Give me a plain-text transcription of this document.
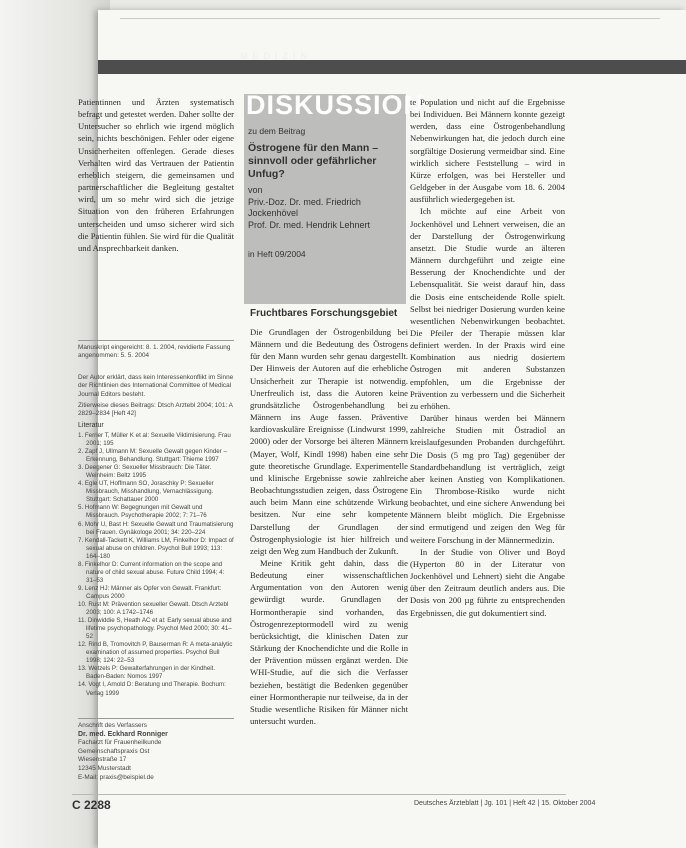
MEDIZIN

Patientinnen und Ärzten systematisch befragt und getestet werden. Daher sollte der Untersucher so ehrlich wie irgend möglich sein, nichts beschönigen. Fehler oder eigene Unsicherheiten offenlegen. Gerade dieses Verhalten wird das Vertrauen der Patientin erheblich steigern, die gemeinsamen und partnerschaftlicher die Begleitung gestaltet wird, um so mehr wird sich die jetzige Situation von den früheren Erfahrungen unterscheiden und umso sicherer wird sich die Patientin fühlen. Sie wird für die Qualität und Ansprechbarkeit danken.

Manuskript eingereicht: 8. 1. 2004, revidierte Fassung angenommen: 5. 5. 2004
Der Autor erklärt, dass kein Interessenkonflikt im Sinne der Richtlinien des International Committee of Medical Journal Editors besteht.
Zitierweise dieses Beitrags: Dtsch Arztebl 2004; 101: A 2829–2834 [Heft 42]
Literatur
1. Ferrier T, Müller K et al: Sexuelle Viktimisierung. Frau 2001; 195
2. Zapf J, Ullmann M: Sexuelle Gewalt gegen Kinder – Erkennung, Behandlung. Stuttgart: Thieme 1997
3. Deegener G: Sexueller Missbrauch: Die Täter. Weinheim: Beltz 1995
4. Egle UT, Hoffmann SO, Joraschky P: Sexueller Missbrauch, Misshandlung, Vernachlässigung. Stuttgart: Schattauer 2000
5. Hofmann W: Begegnungen mit Gewalt und Missbrauch. Psychotherapie 2002; 7: 71–76
6. Mohr U, Bast H: Sexuelle Gewalt und Traumatisierung bei Frauen. Gynäkologe 2001; 34: 220–224
7. Kendall-Tackett K, Williams LM, Finkelhor D: Impact of sexual abuse on children. Psychol Bull 1993; 113: 164–180
8. Finkelhor D: Current information on the scope and nature of child sexual abuse. Future Child 1994; 4: 31–53
9. Lenz HJ: Männer als Opfer von Gewalt. Frankfurt: Campus 2000
10. Rust M: Prävention sexueller Gewalt. Dtsch Arztebl 2003; 100: A 1742–1746
11. Dinwiddie S, Heath AC et al: Early sexual abuse and lifetime psychopathology. Psychol Med 2000; 30: 41–52
12. Rind B, Tromovitch P, Bauserman R: A meta-analytic examination of assumed properties. Psychol Bull 1998; 124: 22–53
13. Wetzels P: Gewalterfahrungen in der Kindheit. Baden-Baden: Nomos 1997
14. Vogt I, Arnold D: Beratung und Therapie. Bochum: Verlag 1999
Anschrift des Verfassers
Dr. med. Eckhard Ronniger
Facharzt für Frauenheilkunde
Gemeinschaftspraxis Ost
Wiesenstraße 17
12345 Musterstadt
E-Mail: praxis@beispiel.de
DISKUSSION
zu dem Beitrag
Östrogene für den Mann – sinnvoll oder gefährlicher Unfug?
von
Priv.-Doz. Dr. med. Friedrich Jockenhövel
Prof. Dr. med. Hendrik Lehnert
in Heft 09/2004
Fruchtbares Forschungsgebiet

Die Grundlagen der Östrogenbildung bei Männern und die Bedeutung des Östrogens für den Mann wurden sehr genau dargestellt. Der Hinweis der Autoren auf die erhebliche Unsicherheit zur Therapie ist notwendig. Unerfreulich ist, dass die Autoren keine grundsätzliche Östrogenbehandlung bei Männern ins Auge fassen. Präventive kardiovaskuläre Ereignisse (Lindwurst 1999, 2000) oder der Vorsorge bei älteren Männern (Mayer, Wolf, Kindl 1998) haben eine sehr gute theoretische Grundlage. Experimentelle und klinische Ergebnisse sowie zahlreiche Beobachtungsstudien zeigen, dass Östrogene auch beim Mann eine schützende Wirkung besitzen. Nur eine sehr kompetente Darstellung der Grundlagen der Östrogenphysiologie ist hier hilfreich und zeigt den Weg zum Handbuch der Zukunft.

Meine Kritik geht dahin, dass die Bedeutung einer wissenschaftlichen Argumentation von den Autoren wenig gewürdigt wurde. Grundlagen der Hormontherapie sind vorhanden, das Östrogenrezeptormodell wird zu wenig berücksichtigt, die klinischen Daten zur Stärkung der Knochendichte und die Rolle in der Prävention müssen ergänzt werden. Die WHI-Studie, auf die sich die Verfasser beziehen, bestätigt die Bedenken gegenüber einer Hormontherapie nur teilweise, da in der Studie wesentliche Risiken für Männer nicht untersucht wurden.

te Population und nicht auf die Ergebnisse bei Individuen. Bei Männern konnte gezeigt werden, dass eine Östrogenbehandlung Nebenwirkungen hat, die jedoch durch eine sorgfältige Dosierung vermeidbar sind. Eine wirklich sichere Feststellung – wird in Kürze erfolgen, was bei Hersteller und Geldgeber in der Ausgabe vom 18. 6. 2004 ausführlich wiedergegeben ist.

Ich möchte auf eine Arbeit von Jockenhövel und Lehnert verweisen, die an der Darstellung der Östrogenwirkung ansetzt. Die Studie wurde an älteren Männern durchgeführt und zeigte eine Besserung der Knochendichte und der Lebensqualität. Sie weist darauf hin, dass die Dosis eine entscheidende Rolle spielt. Selbst bei niedriger Dosierung wurden keine wesentlichen Nebenwirkungen beobachtet. Die Pfeiler der Therapie müssen klar definiert werden. In der Praxis wird eine Kombination aus niedrig dosiertem Östrogen mit anderen Substanzen empfohlen, um die Ergebnisse der Prävention zu verbessern und die Sicherheit zu erhöhen.

Darüber hinaus werden bei Männern zahlreiche Studien mit Östradiol an kreislaufgesunden Probanden durchgeführt. Die Dosis (5 mg pro Tag) gegenüber der Standardbehandlung ist verträglich, zeigt aber keinen Anstieg von Komplikationen. Ein Thrombose-Risiko wurde nicht beobachtet, und eine sichere Anwendung bei Männern bleibt möglich. Die Ergebnisse sind ermutigend und zeigen den Weg für weitere Forschung in der Männermedizin.

In der Studie von Oliver und Boyd (Hyperton 80 in der Literatur von Jockenhövel und Lehnert) sieht die Angabe über den Zeitraum deutlich anders aus. Die Dosis von 200 µg führte zu entsprechenden Ergebnissen, die gut dokumentiert sind.

C 2288	Deutsches Ärzteblatt | Jg. 101 | Heft 42 | 15. Oktober 2004
